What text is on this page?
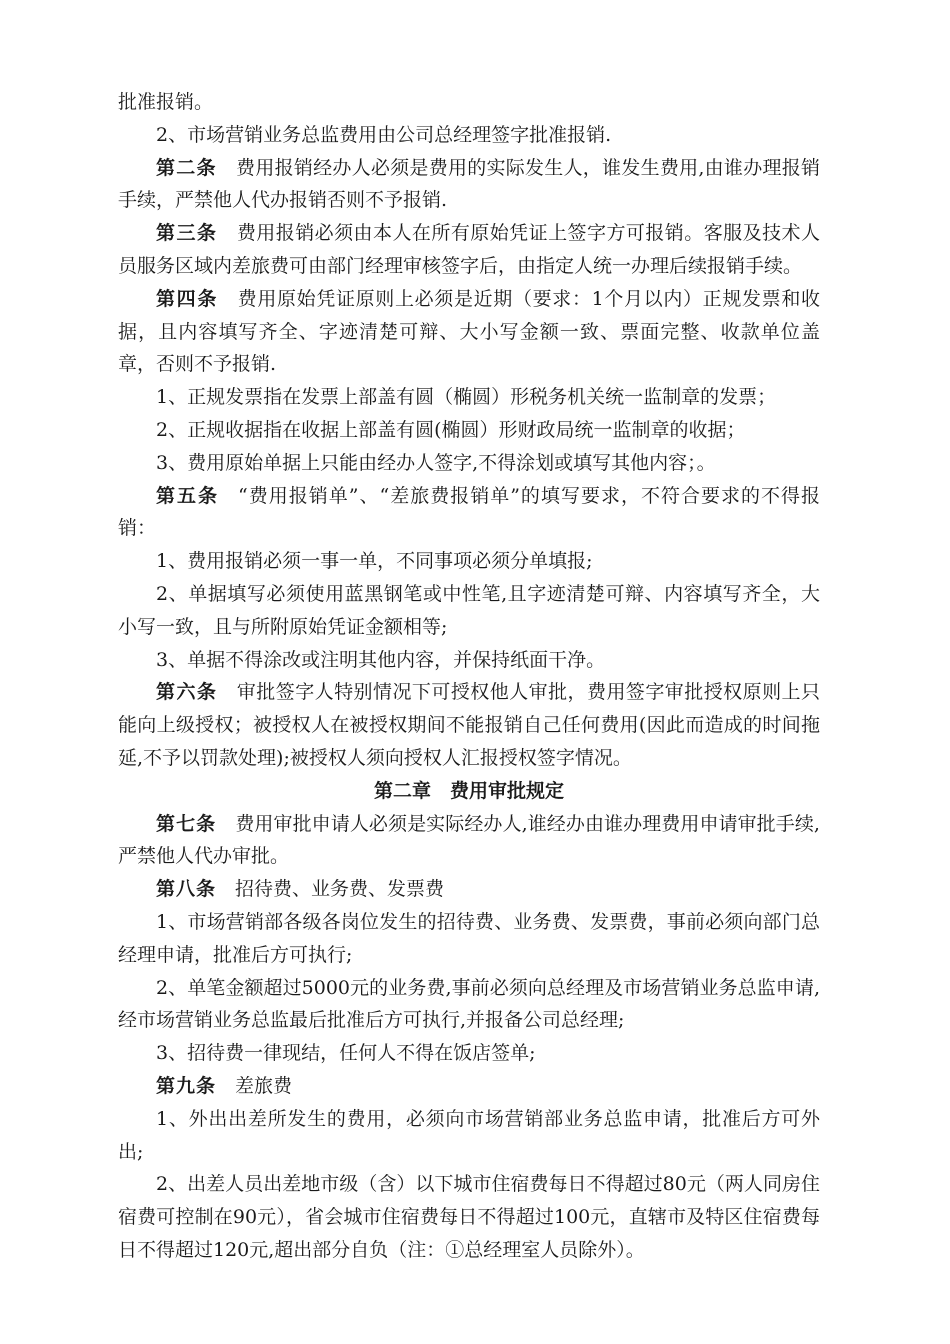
批准报销。

2、市场营销业务总监费用由公司总经理签字批准报销.

第二条 费用报销经办人必须是费用的实际发生人，谁发生费用,由谁办理报销手续，严禁他人代办报销否则不予报销.

第三条 费用报销必须由本人在所有原始凭证上签字方可报销。客服及技术人员服务区域内差旅费可由部门经理审核签字后，由指定人统一办理后续报销手续。

第四条 费用原始凭证原则上必须是近期（要求：1个月以内）正规发票和收据，且内容填写齐全、字迹清楚可辩、大小写金额一致、票面完整、收款单位盖章，否则不予报销.

1、正规发票指在发票上部盖有圆（椭圆）形税务机关统一监制章的发票；

2、正规收据指在收据上部盖有圆(椭圆）形财政局统一监制章的收据；

3、费用原始单据上只能由经办人签字,不得涂划或填写其他内容；。

第五条 “费用报销单”、“差旅费报销单”的填写要求，不符合要求的不得报销：

1、费用报销必须一事一单，不同事项必须分单填报;

2、单据填写必须使用蓝黑钢笔或中性笔,且字迹清楚可辩、内容填写齐全，大小写一致，且与所附原始凭证金额相等;

3、单据不得涂改或注明其他内容，并保持纸面干净。

第六条 审批签字人特别情况下可授权他人审批，费用签字审批授权原则上只能向上级授权；被授权人在被授权期间不能报销自己任何费用(因此而造成的时间拖延,不予以罚款处理);被授权人须向授权人汇报授权签字情况。

第二章　费用审批规定

第七条 费用审批申请人必须是实际经办人,谁经办由谁办理费用申请审批手续,严禁他人代办审批。

第八条 招待费、业务费、发票费

1、市场营销部各级各岗位发生的招待费、业务费、发票费，事前必须向部门总经理申请，批准后方可执行;

2、单笔金额超过5000元的业务费,事前必须向总经理及市场营销业务总监申请,经市场营销业务总监最后批准后方可执行,并报备公司总经理;

3、招待费一律现结，任何人不得在饭店签单;

第九条 差旅费

1、外出出差所发生的费用，必须向市场营销部业务总监申请，批准后方可外出;

2、出差人员出差地市级（含）以下城市住宿费每日不得超过80元（两人同房住宿费可控制在90元），省会城市住宿费每日不得超过100元，直辖市及特区住宿费每日不得超过120元,超出部分自负（注：①总经理室人员除外）。
